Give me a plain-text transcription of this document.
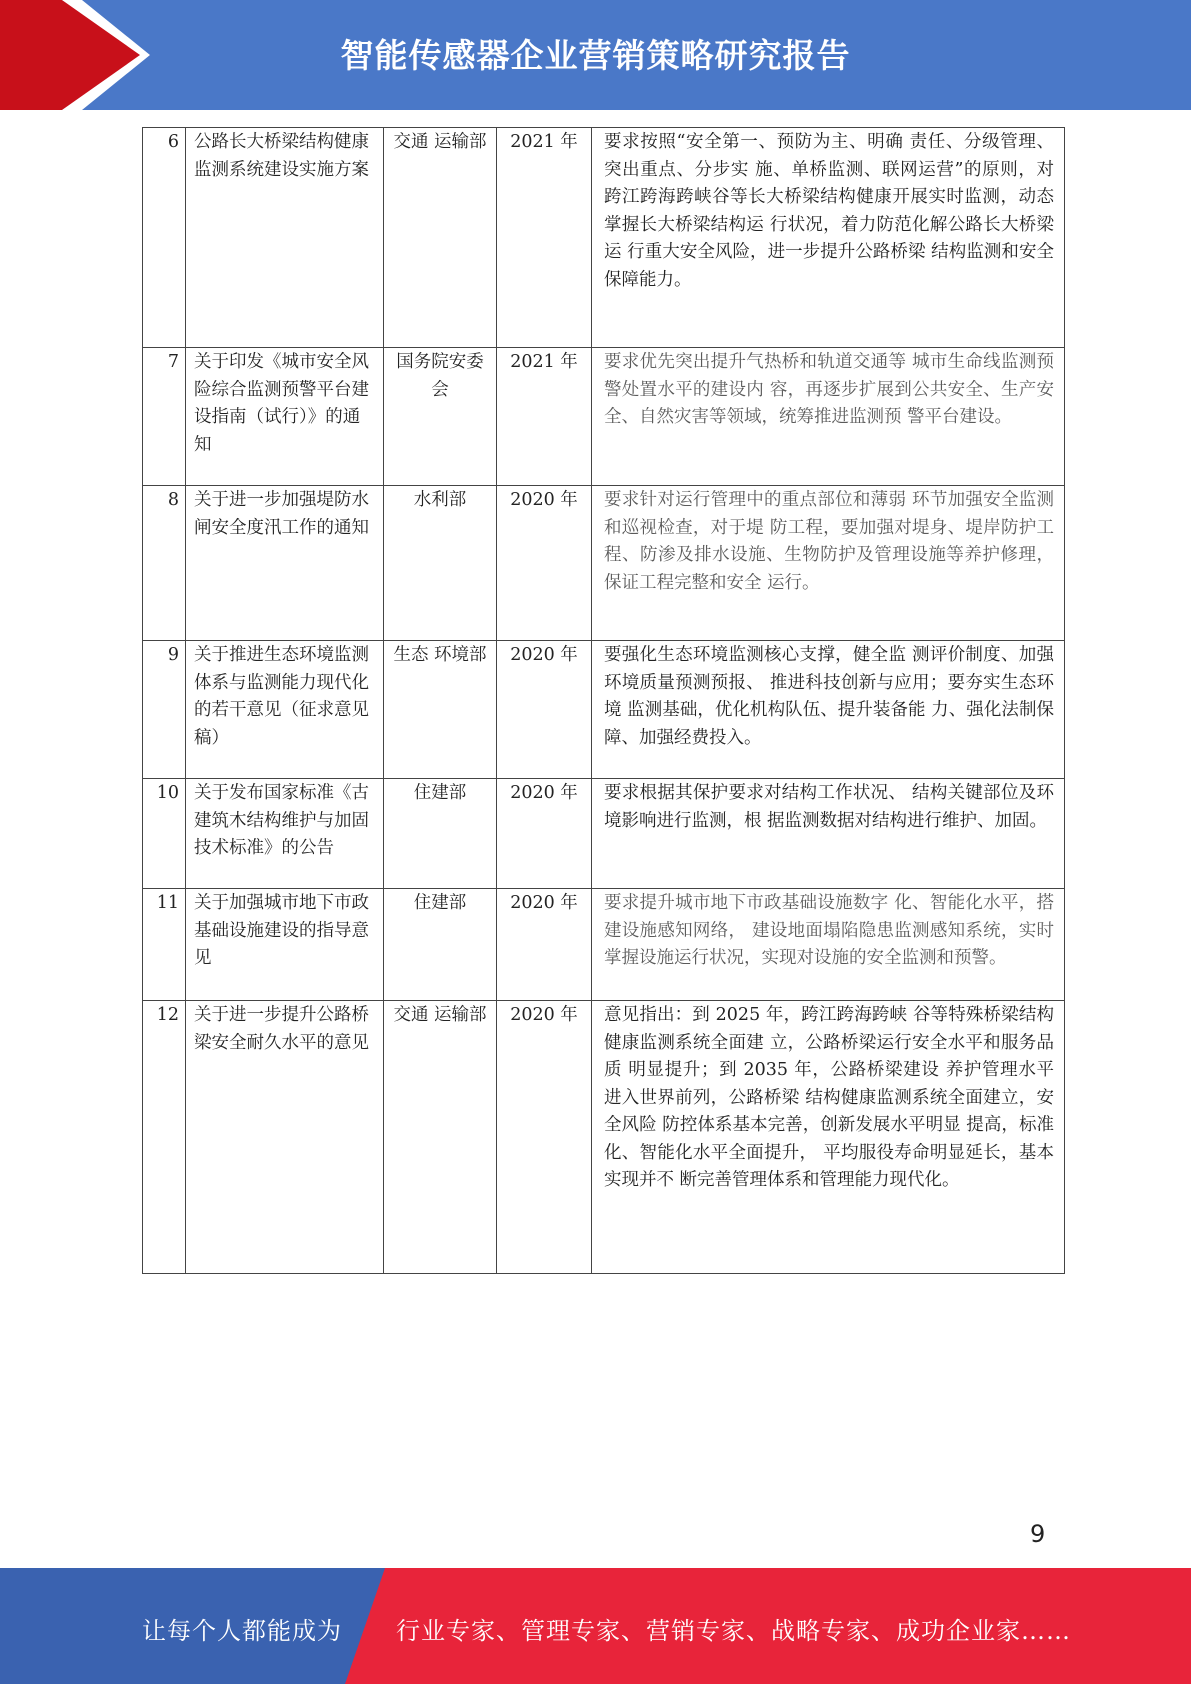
智能传感器企业营销策略研究报告
6	公路长大桥梁结构健康监测系统建设实施方案	交通 运输部	2021 年	要求按照“安全第一、预防为主、明确 责任、分级管理、突出重点、分步实 施、单桥监测、联网运营”的原则，对 跨江跨海跨峡谷等长大桥梁结构健康开展实时监测，动态掌握长大桥梁结构运 行状况，着力防范化解公路长大桥梁运 行重大安全风险，进一步提升公路桥梁 结构监测和安全保障能力。
7	关于印发《城市安全风险综合监测预警平台建设指南（试行）》的通知	国务院安委会	2021 年	要求优先突出提升气热桥和轨道交通等 城市生命线监测预警处置水平的建设内 容，再逐步扩展到公共安全、生产安 全、自然灾害等领域，统筹推进监测预 警平台建设。
8	关于进一步加强堤防水闸安全度汛工作的通知	水利部	2020 年	要求针对运行管理中的重点部位和薄弱 环节加强安全监测和巡视检查，对于堤 防工程，要加强对堤身、堤岸防护工 程、防渗及排水设施、生物防护及管理设施等养护修理，保证工程完整和安全 运行。
9	关于推进生态环境监测体系与监测能力现代化的若干意见（征求意见稿）	生态 环境部	2020 年	要强化生态环境监测核心支撑，健全监 测评价制度、加强环境质量预测预报、 推进科技创新与应用；要夯实生态环境 监测基础，优化机构队伍、提升装备能 力、强化法制保障、加强经费投入。
10	关于发布国家标准《古建筑木结构维护与加固技术标准》的公告	住建部	2020 年	要求根据其保护要求对结构工作状况、 结构关键部位及环境影响进行监测，根 据监测数据对结构进行维护、加固。
11	关于加强城市地下市政基础设施建设的指导意见	住建部	2020 年	要求提升城市地下市政基础设施数字 化、智能化水平，搭建设施感知网络， 建设地面塌陷隐患监测感知系统，实时 掌握设施运行状况，实现对设施的安全监测和预警。
12	关于进一步提升公路桥梁安全耐久水平的意见	交通 运输部	2020 年	意见指出：到 2025 年，跨江跨海跨峡 谷等特殊桥梁结构健康监测系统全面建 立，公路桥梁运行安全水平和服务品质 明显提升；到 2035 年，公路桥梁建设 养护管理水平进入世界前列，公路桥梁 结构健康监测系统全面建立，安全风险 防控体系基本完善，创新发展水平明显 提高，标准化、智能化水平全面提升， 平均服役寿命明显延长，基本实现并不 断完善管理体系和管理能力现代化。
9
让每个人都能成为 行业专家、管理专家、营销专家、战略专家、成功企业家……
